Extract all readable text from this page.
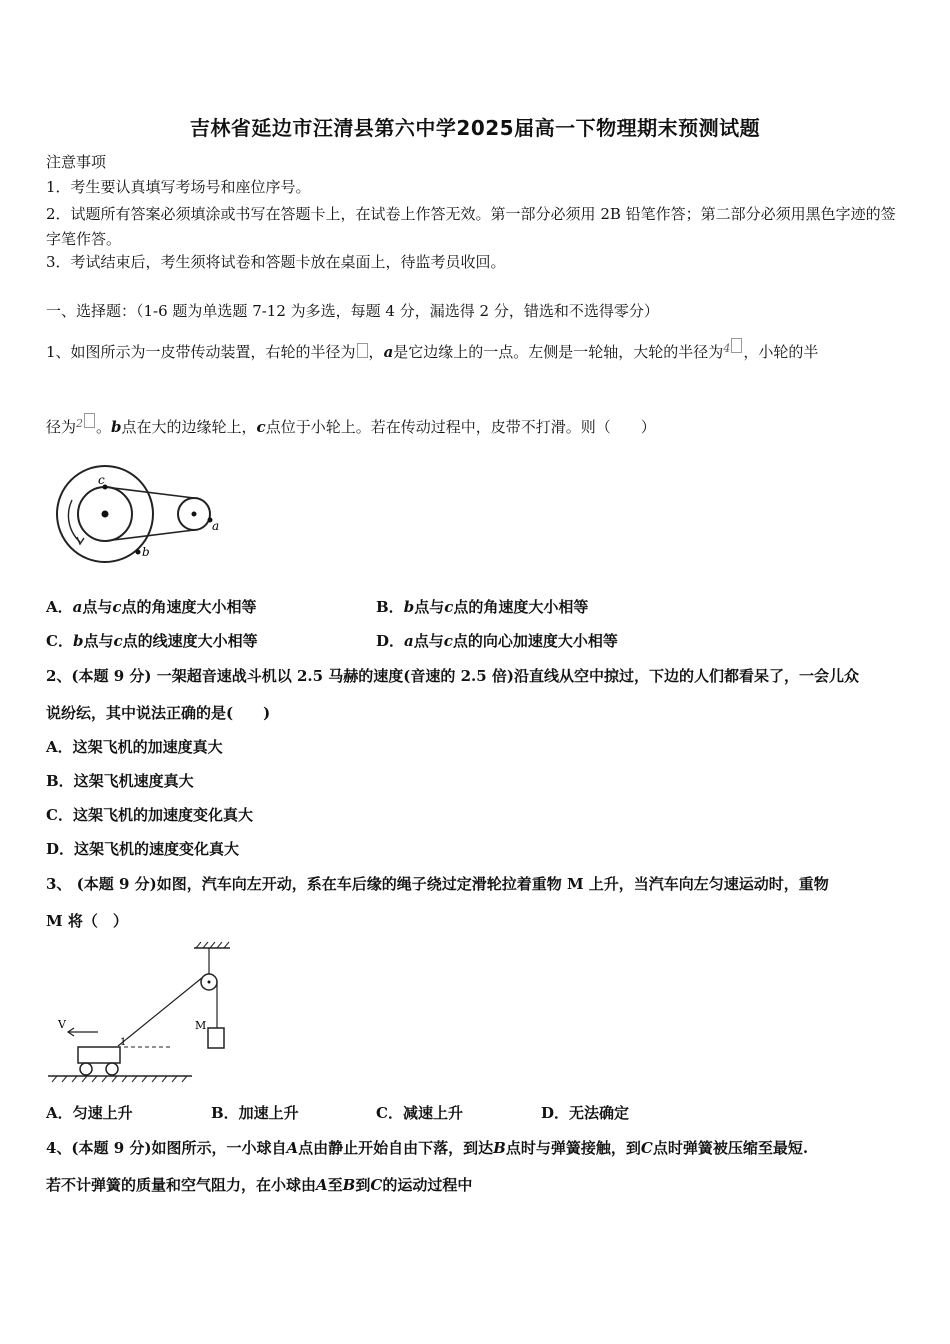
吉林省延边市汪清县第六中学2025届高一下物理期末预测试题
注意事项
1．考生要认真填写考场号和座位序号。
2．试题所有答案必须填涂或书写在答题卡上，在试卷上作答无效。第一部分必须用 2B 铅笔作答；第二部分必须用黑色字迹的签字笔作答。
3．考试结束后，考生须将试卷和答题卡放在桌面上，待监考员收回。
一、选择题：（1-6 题为单选题 7-12 为多选，每题 4 分，漏选得 2 分，错选和不选得零分）
1、如图所示为一皮带传动装置，右轮的半径为 ，a是它边缘上的一点。左侧是一轮轴，大轮的半径为$^4$ ，小轮的半
径为$^2$ 。b点在大的边缘轮上，c点位于小轮上。若在传动过程中，皮带不打滑。则（　　）
c
b
a
A．a点与c点的角速度大小相等	B．b点与c点的角速度大小相等
C．b点与c点的线速度大小相等	D．a点与c点的向心加速度大小相等
2、(本题 9 分) 一架超音速战斗机以 2.5 马赫的速度(音速的 2.5 倍)沿直线从空中掠过，下边的人们都看呆了，一会儿众
说纷纭，其中说法正确的是(　　)
A．这架飞机的加速度真大
B．这架飞机速度真大
C．这架飞机的加速度变化真大
D．这架飞机的速度变化真大
3、 (本题 9 分)如图，汽车向左开动，系在车后缘的绳子绕过定滑轮拉着重物 M 上升，当汽车向左匀速运动时，重物
M 将（　）
M
1
V
A．匀速上升	B．加速上升	C．减速上升	D．无法确定
4、(本题 9 分)如图所示，一小球自A点由静止开始自由下落，到达B点时与弹簧接触，到C点时弹簧被压缩至最短.
若不计弹簧的质量和空气阻力，在小球由A至B到C的运动过程中
